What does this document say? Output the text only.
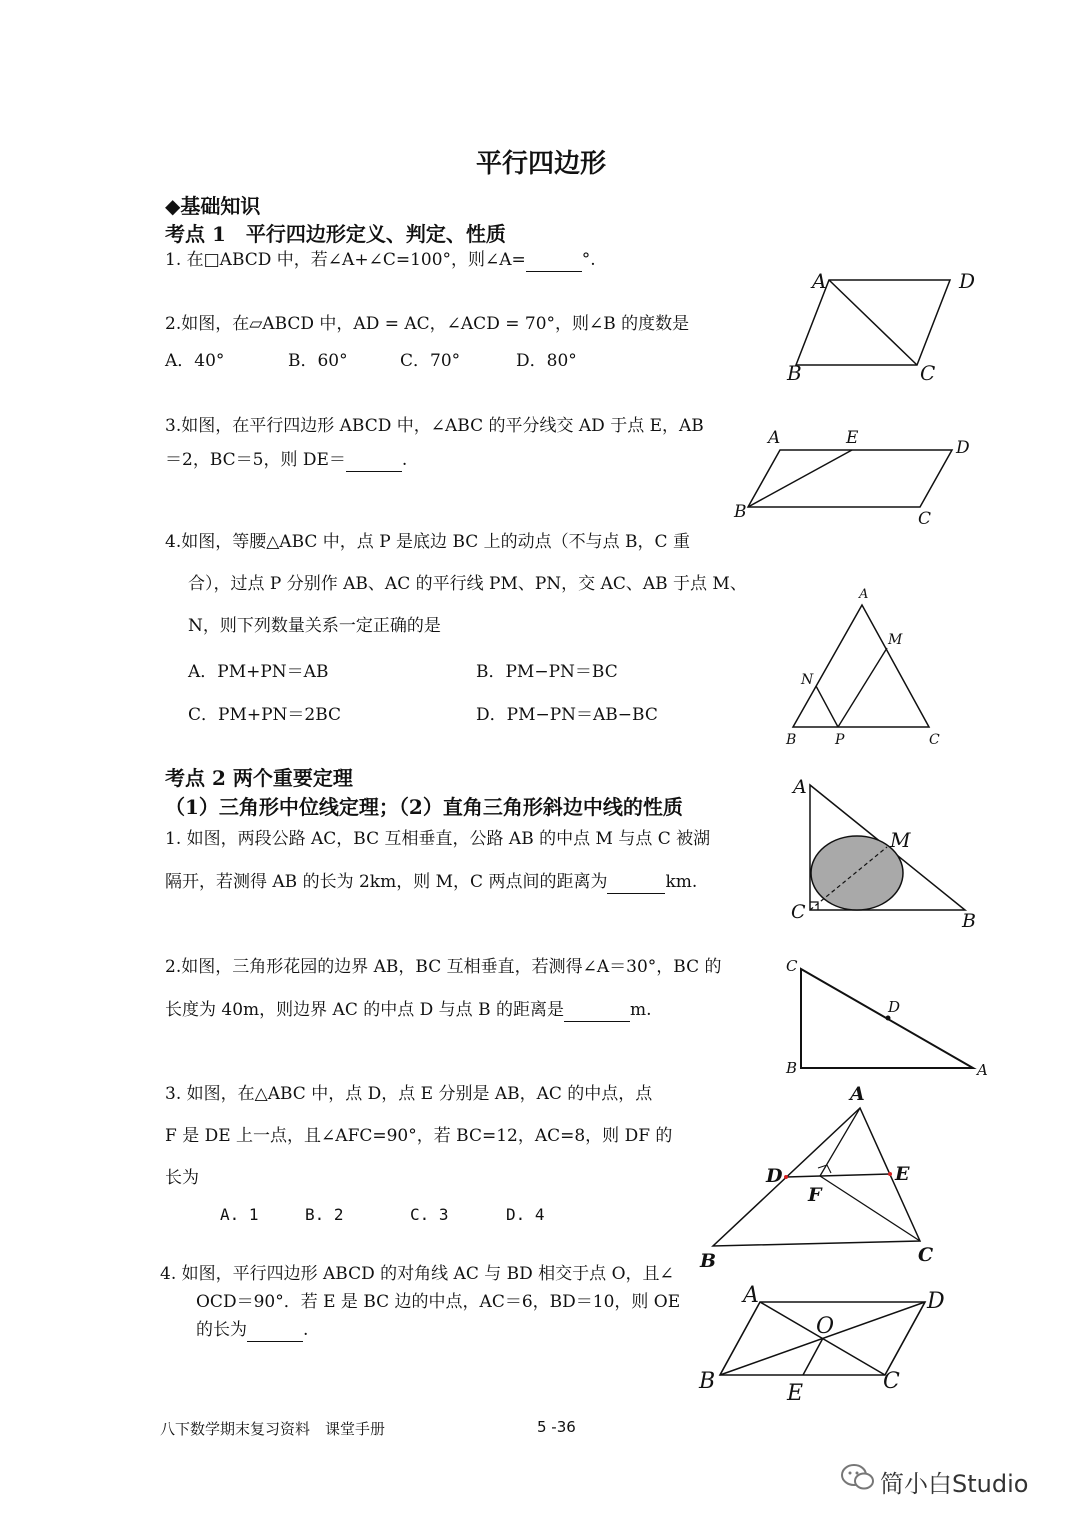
平行四边形
◆基础知识
考点 1　平行四边形定义、判定、性质
1. 在□ABCD 中，若∠A+∠C=100°，则∠A=	°.
2.如图，在▱ABCD 中，AD = AC，∠ACD = 70°，则∠B 的度数是
A．40°	B．60°	C．70°	D．80°
A	D
B	C
3.如图，在平行四边形 ABCD 中，∠ABC 的平分线交 AD 于点 E，AB
＝2，BC＝5，则 DE＝	.
A	E	D
B	C
4.如图，等腰△ABC 中，点 P 是底边 BC 上的动点（不与点 B，C 重
合），过点 P 分别作 AB、AC 的平行线 PM、PN，交 AC、AB 于点 M、
N，则下列数量关系一定正确的是
A．PM+PN＝AB	B．PM−PN＝BC
C．PM+PN＝2BC	D．PM−PN＝AB−BC
A
M
N
B	P	C
考点 2 两个重要定理
（1）三角形中位线定理；（2）直角三角形斜边中线的性质
1. 如图，两段公路 AC，BC 互相垂直，公路 AB 的中点 M 与点 C 被湖
隔开，若测得 AB 的长为 2km，则 M，C 两点间的距离为	km.
A
M
C	B
2.如图，三角形花园的边界 AB，BC 互相垂直，若测得∠A＝30°，BC 的
长度为 40m，则边界 AC 的中点 D 与点 B 的距离是	m.
C
D
B	A
3. 如图，在△ABC 中，点 D，点 E 分别是 AB，AC 的中点，点
F 是 DE 上一点，且∠AFC=90°，若 BC=12，AC=8，则 DF 的
长为
A. 1	B. 2	C. 3	D. 4
A
D	E
F
B	C
4. 如图，平行四边形 ABCD 的对角线 AC 与 BD 相交于点 O，且∠
OCD＝90°．若 E 是 BC 边的中点，AC＝6，BD＝10，则 OE
的长为	.
A	D
O
B	E	C
八下数学期末复习资料　课堂手册	5 -36
简小白Studio
